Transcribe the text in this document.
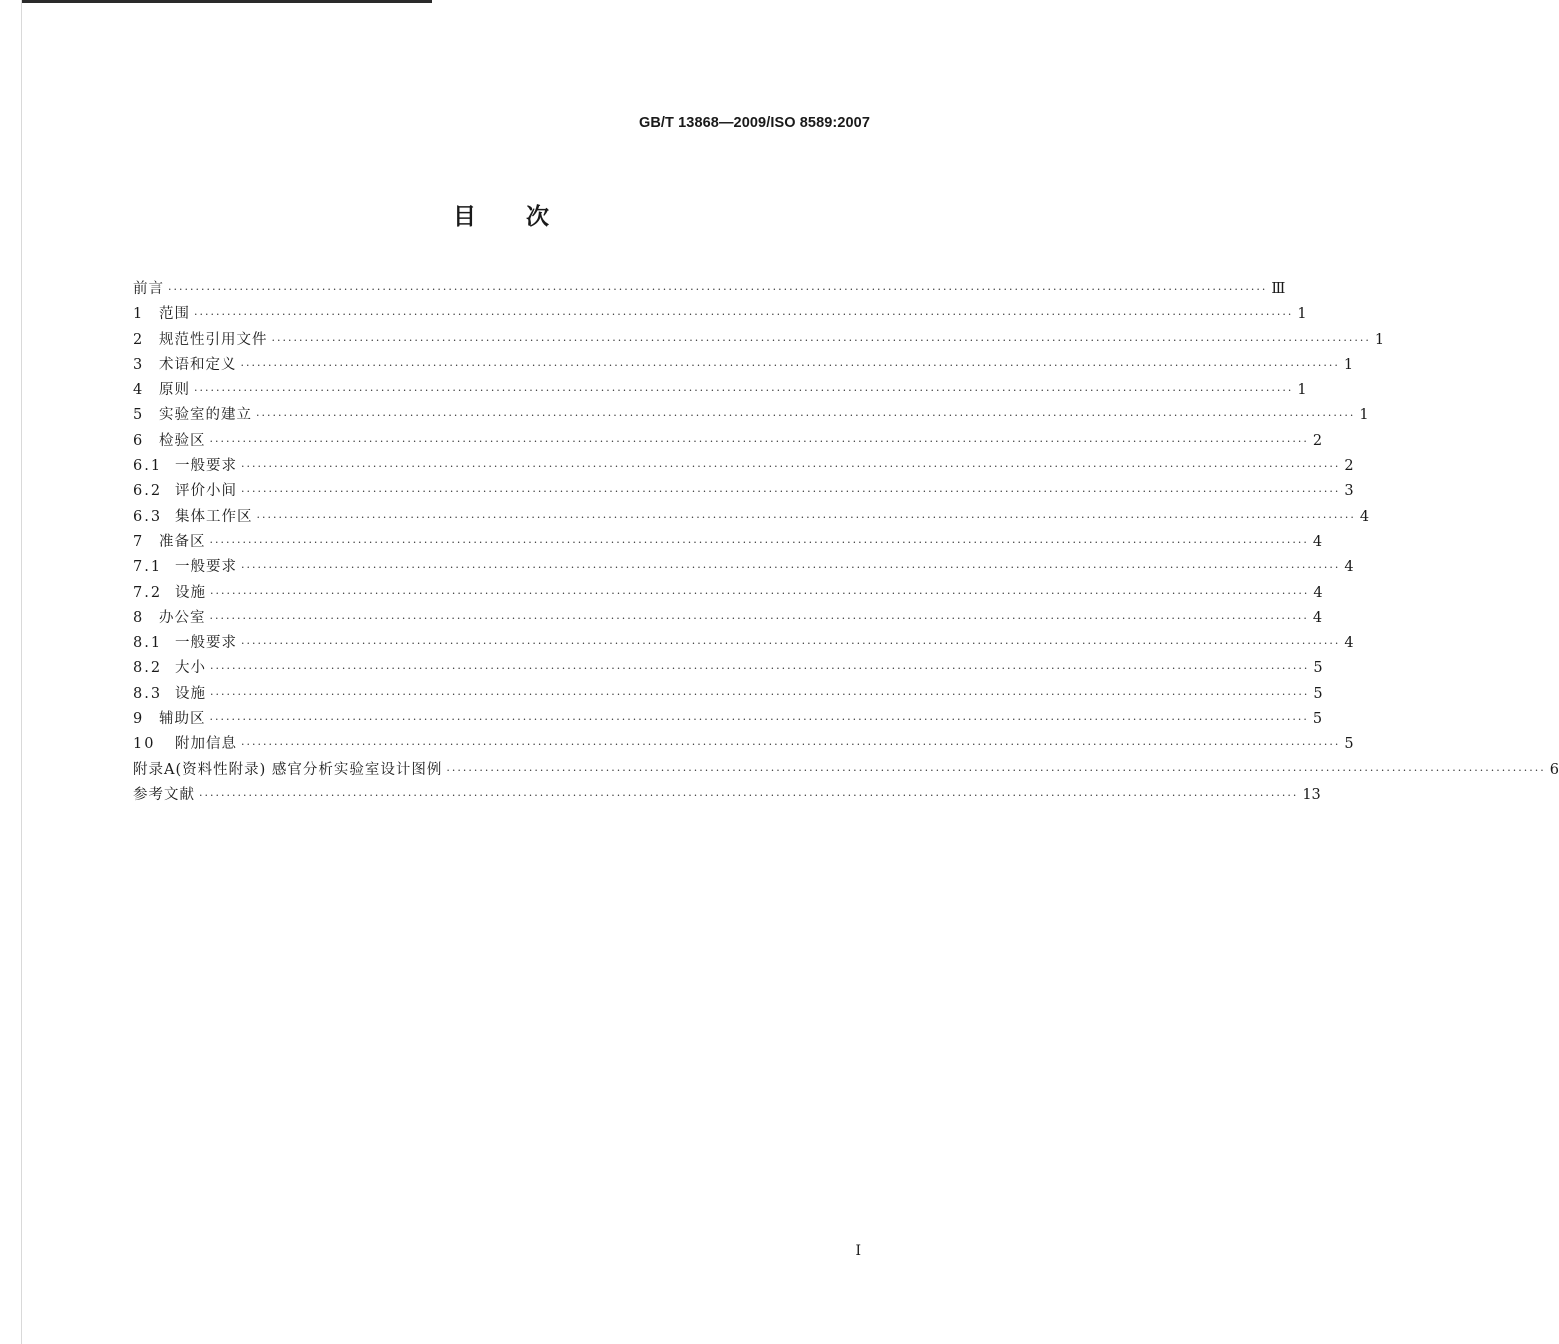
GB/T 13868—2009/ISO 8589:2007
目次
前言 ········································································································································································································ Ⅲ
1 范围 ········································································································································································································ 1
2 规范性引用文件 ········································································································································································································ 1
3 术语和定义 ········································································································································································································ 1
4 原则 ········································································································································································································ 1
5 实验室的建立 ········································································································································································································ 1
6 检验区 ········································································································································································································ 2
6.1 一般要求 ········································································································································································································ 2
6.2 评价小间 ········································································································································································································ 3
6.3 集体工作区 ········································································································································································································ 4
7 准备区 ········································································································································································································ 4
7.1 一般要求 ········································································································································································································ 4
7.2 设施 ········································································································································································································ 4
8 办公室 ········································································································································································································ 4
8.1 一般要求 ········································································································································································································ 4
8.2 大小 ········································································································································································································ 5
8.3 设施 ········································································································································································································ 5
9 辅助区 ········································································································································································································ 5
10	附加信息 ········································································································································································································ 5
附录A(资料性附录) 感官分析实验室设计图例 ········································································································································································································ 6
参考文献 ········································································································································································································ 13
I
